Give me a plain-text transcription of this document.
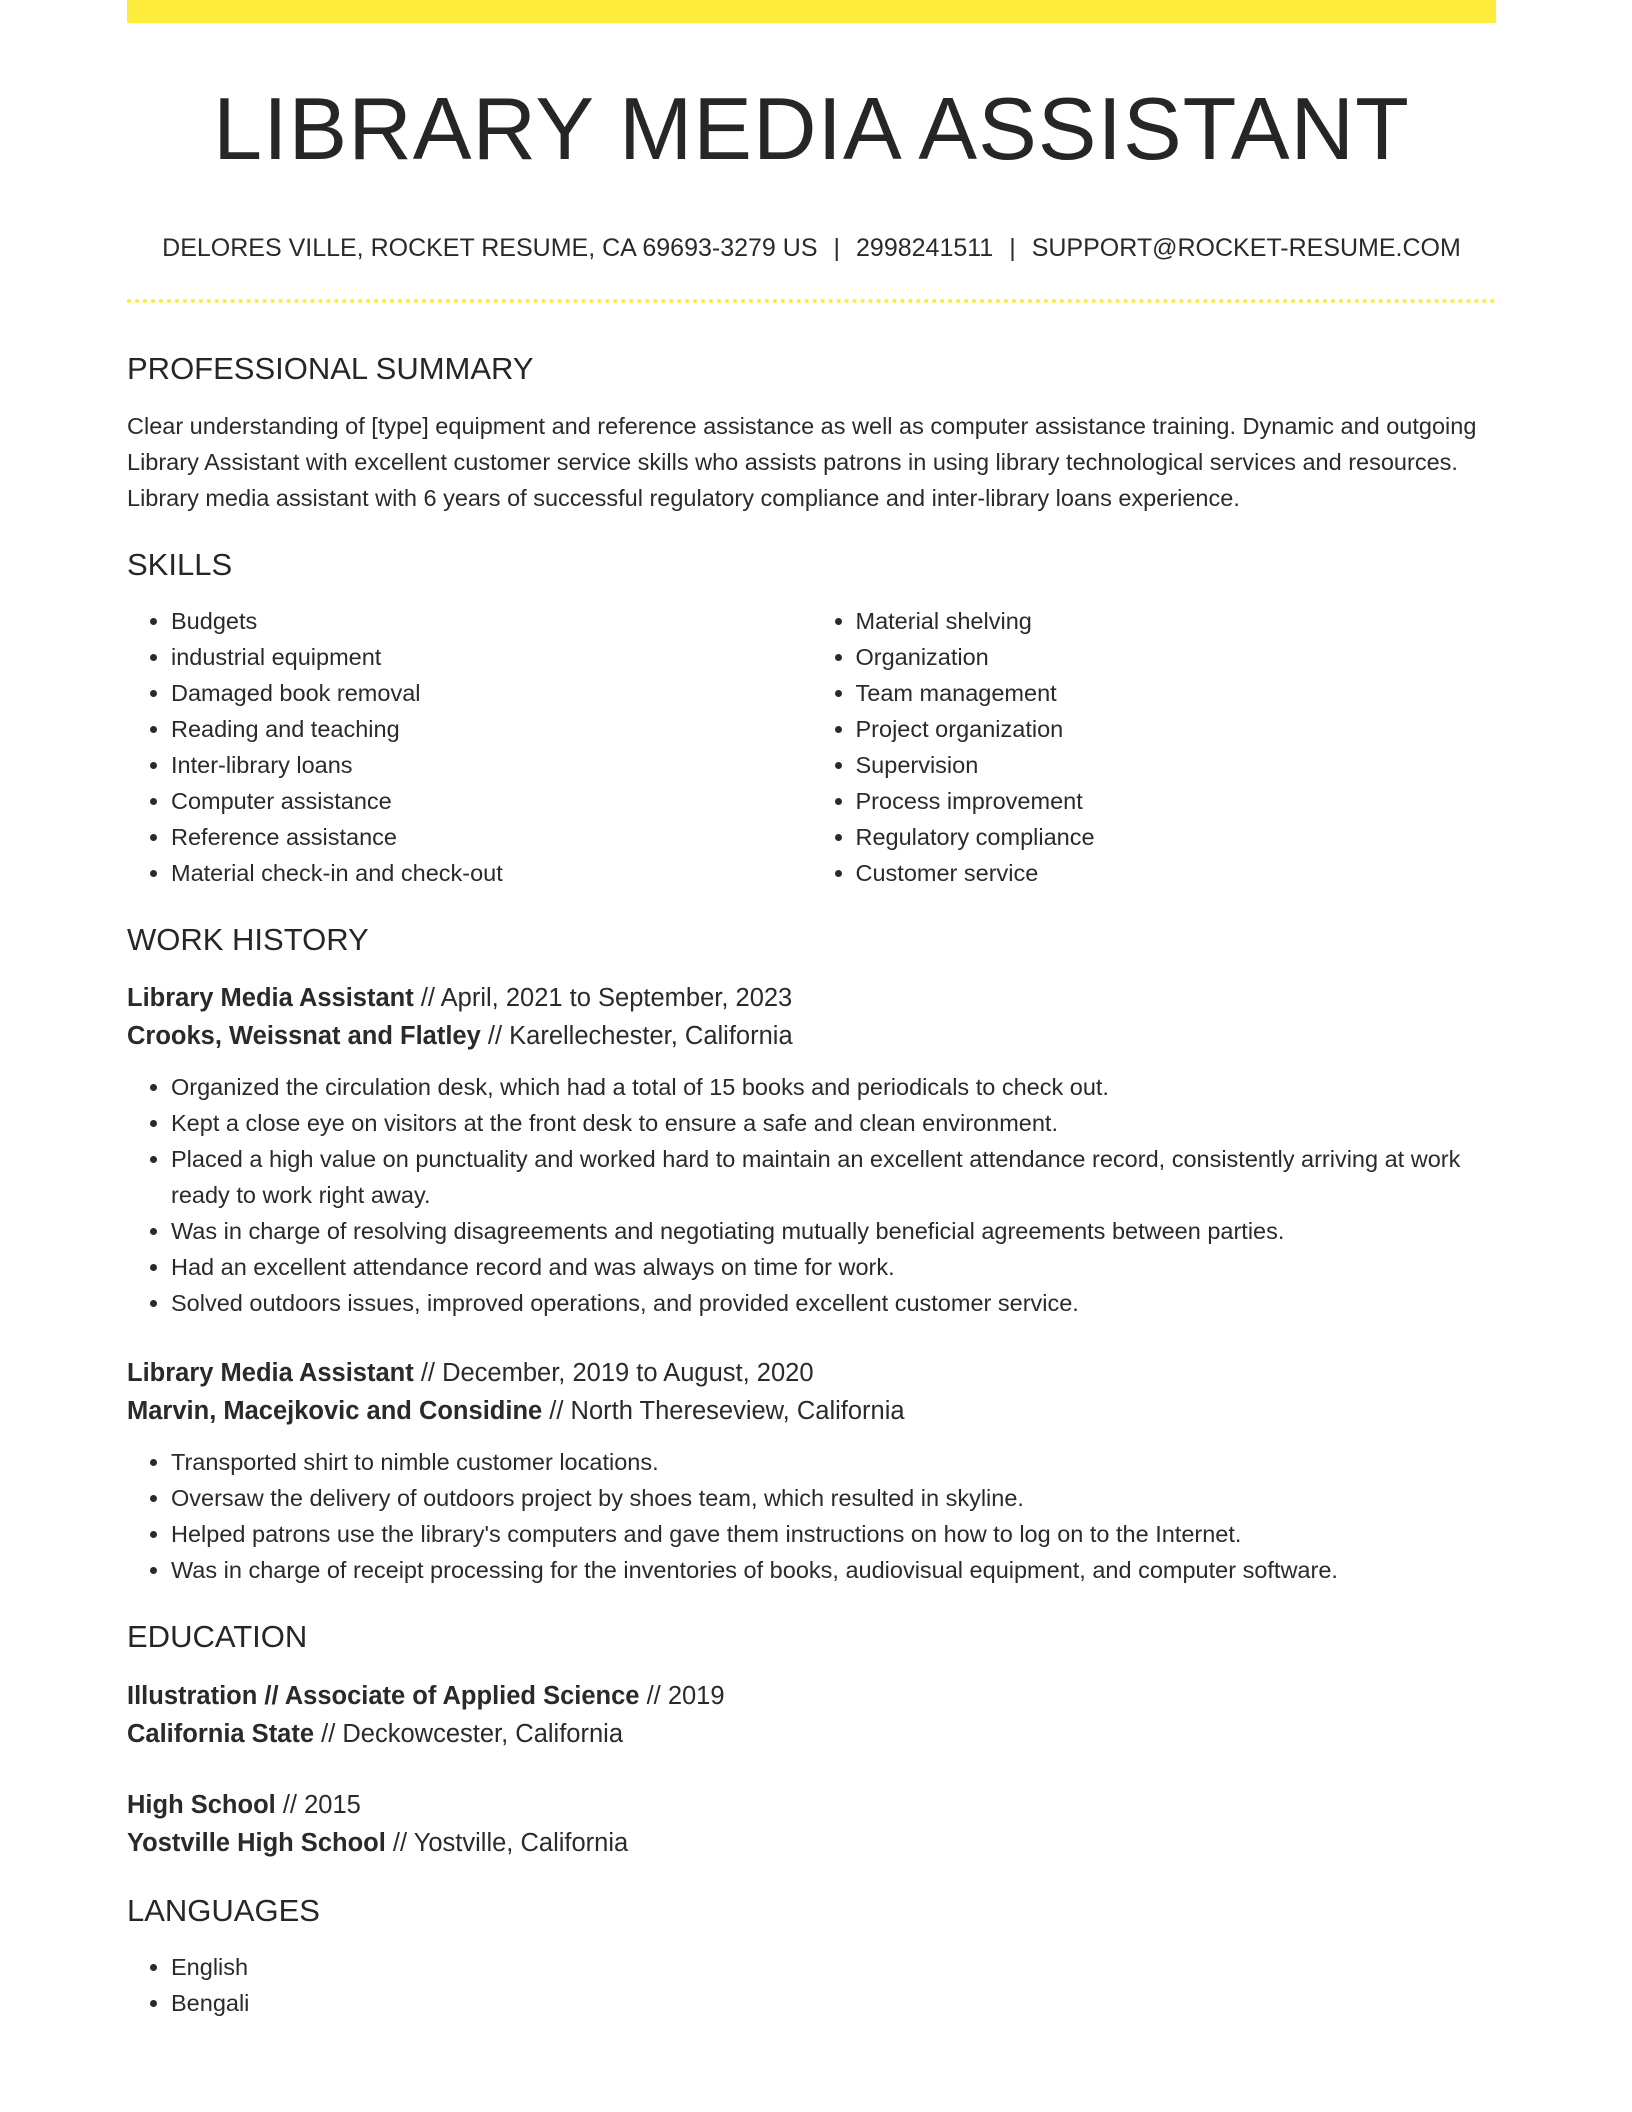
LIBRARY MEDIA ASSISTANT
DELORES VILLE, ROCKET RESUME, CA 69693-3279 US | 2998241511 | SUPPORT@ROCKET-RESUME.COM
PROFESSIONAL SUMMARY

Clear understanding of [type] equipment and reference assistance as well as computer assistance training. Dynamic and outgoing Library Assistant with excellent customer service skills who assists patrons in using library technological services and resources. Library media assistant with 6 years of successful regulatory compliance and inter-library loans experience.

SKILLS
• Budgets
• industrial equipment
• Damaged book removal
• Reading and teaching
• Inter-library loans
• Computer assistance
• Reference assistance
• Material check-in and check-out
• Material shelving
• Organization
• Team management
• Project organization
• Supervision
• Process improvement
• Regulatory compliance
• Customer service
WORK HISTORY

Library Media Assistant // April, 2021 to September, 2023

Crooks, Weissnat and Flatley // Karellechester, California

• Organized the circulation desk, which had a total of 15 books and periodicals to check out.
• Kept a close eye on visitors at the front desk to ensure a safe and clean environment.
• Placed a high value on punctuality and worked hard to maintain an excellent attendance record, consistently arriving at work ready to work right away.
• Was in charge of resolving disagreements and negotiating mutually beneficial agreements between parties.
• Had an excellent attendance record and was always on time for work.
• Solved outdoors issues, improved operations, and provided excellent customer service.

Library Media Assistant // December, 2019 to August, 2020

Marvin, Macejkovic and Considine // North Thereseview, California

• Transported shirt to nimble customer locations.
• Oversaw the delivery of outdoors project by shoes team, which resulted in skyline.
• Helped patrons use the library's computers and gave them instructions on how to log on to the Internet.
• Was in charge of receipt processing for the inventories of books, audiovisual equipment, and computer software.
EDUCATION

Illustration // Associate of Applied Science // 2019

California State // Deckowcester, California

High School // 2015

Yostville High School // Yostville, California

LANGUAGES
• English
• Bengali
